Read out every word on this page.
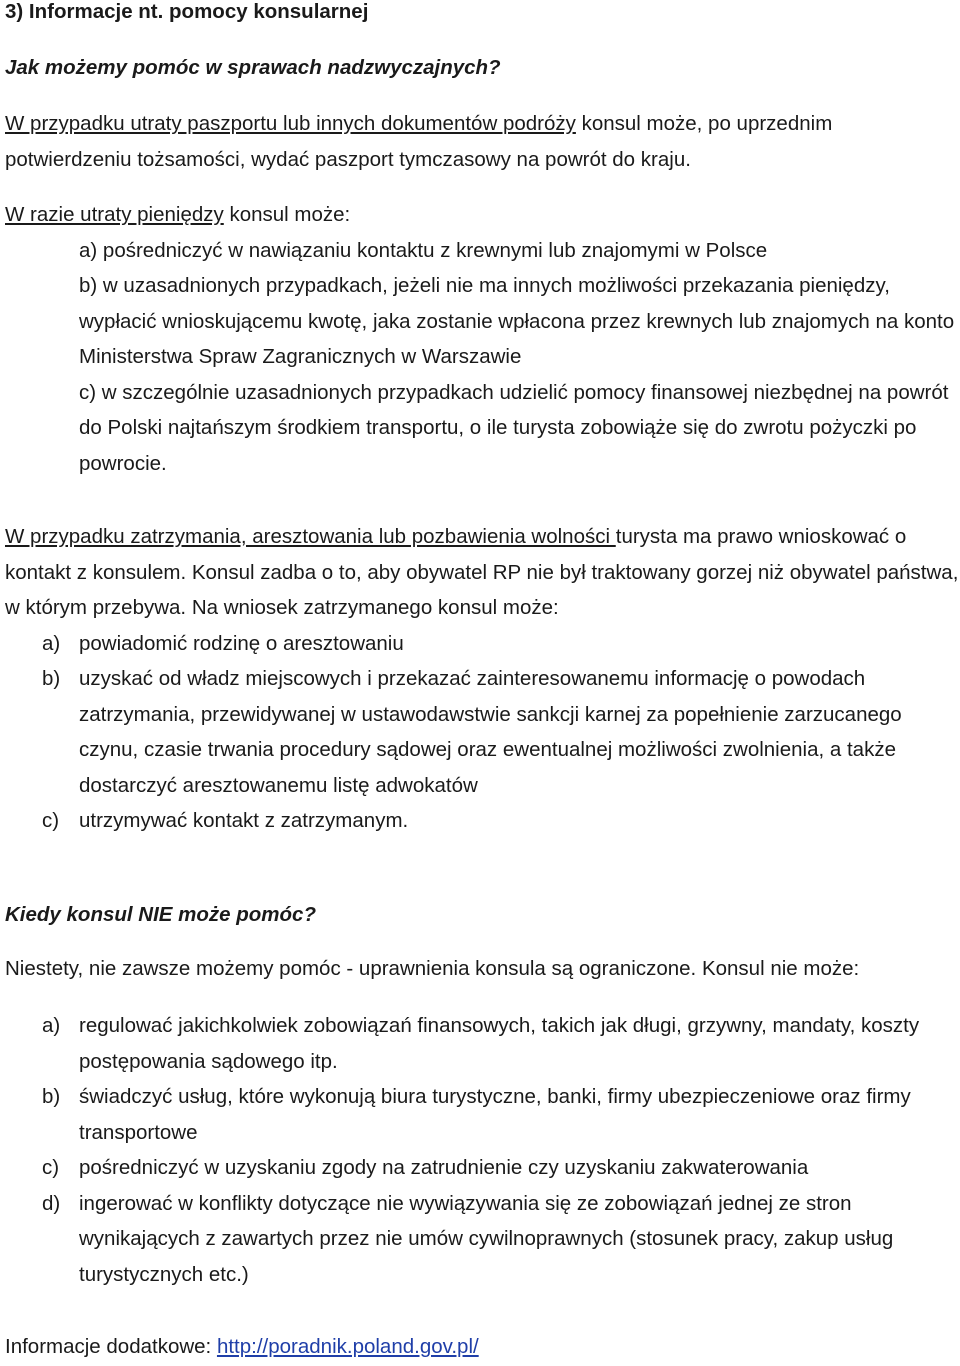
3) Informacje nt. pomocy konsularnej
Jak możemy pomóc w sprawach nadzwyczajnych?
W przypadku utraty paszportu lub innych dokumentów podróży konsul może, po uprzednim potwierdzeniu tożsamości, wydać paszport tymczasowy na powrót do kraju.
W razie utraty pieniędzy konsul może:
a) pośredniczyć w nawiązaniu kontaktu z krewnymi lub znajomymi w Polsce
b) w uzasadnionych przypadkach, jeżeli nie ma innych możliwości przekazania pieniędzy, wypłacić wnioskującemu kwotę, jaka zostanie wpłacona przez krewnych lub znajomych na konto Ministerstwa Spraw Zagranicznych w Warszawie
c) w szczególnie uzasadnionych przypadkach udzielić pomocy finansowej niezbędnej na powrót do Polski najtańszym środkiem transportu, o ile turysta zobowiąże się do zwrotu pożyczki po powrocie.
W przypadku zatrzymania, aresztowania lub pozbawienia wolności turysta ma prawo wnioskować o kontakt z konsulem. Konsul zadba o to, aby obywatel RP nie był traktowany gorzej niż obywatel państwa, w którym przebywa. Na wniosek zatrzymanego konsul może:
a) powiadomić rodzinę o aresztowaniu
b) uzyskać od władz miejscowych i przekazać zainteresowanemu informację o powodach zatrzymania, przewidywanej w ustawodawstwie sankcji karnej za popełnienie zarzucanego czynu, czasie trwania procedury sądowej oraz ewentualnej możliwości zwolnienia, a także dostarczyć aresztowanemu listę adwokatów
c) utrzymywać kontakt z zatrzymanym.
Kiedy konsul NIE może pomóc?
Niestety, nie zawsze możemy pomóc - uprawnienia konsula są ograniczone. Konsul nie może:
a) regulować jakichkolwiek zobowiązań finansowych, takich jak długi, grzywny, mandaty, koszty postępowania sądowego itp.
b) świadczyć usług, które wykonują biura turystyczne, banki, firmy ubezpieczeniowe oraz firmy transportowe
c) pośredniczyć w uzyskaniu zgody na zatrudnienie czy uzyskaniu zakwaterowania
d) ingerować w konflikty dotyczące nie wywiązywania się ze zobowiązań jednej ze stron wynikających z zawartych przez nie umów cywilnoprawnych (stosunek pracy, zakup usług turystycznych etc.)
Informacje dodatkowe: http://poradnik.poland.gov.pl/
